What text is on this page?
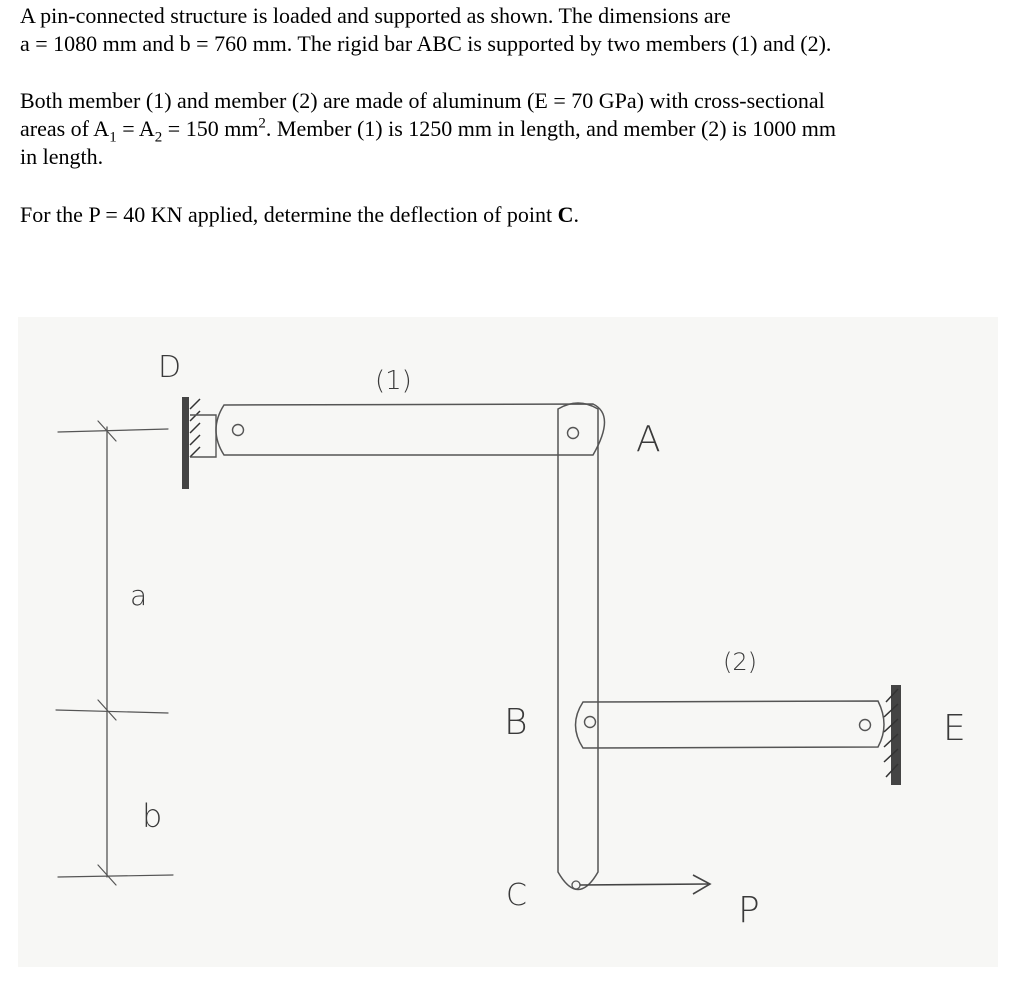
A pin-connected structure is loaded and supported as shown. The dimensions are
a = 1080 mm and b = 760 mm. The rigid bar ABC is supported by two members (1) and (2).
Both member (1) and member (2) are made of aluminum (E = 70 GPa) with cross-sectional
areas of $A_1 = A_2 = 150$ $mm^2$. Member (1) is 1250 mm in length, and member (2) is 1000 mm
in length.
For the P = 40 KN applied, determine the deflection of point C.
D	(1)
A
a
(2)
B	E
b
C	P
